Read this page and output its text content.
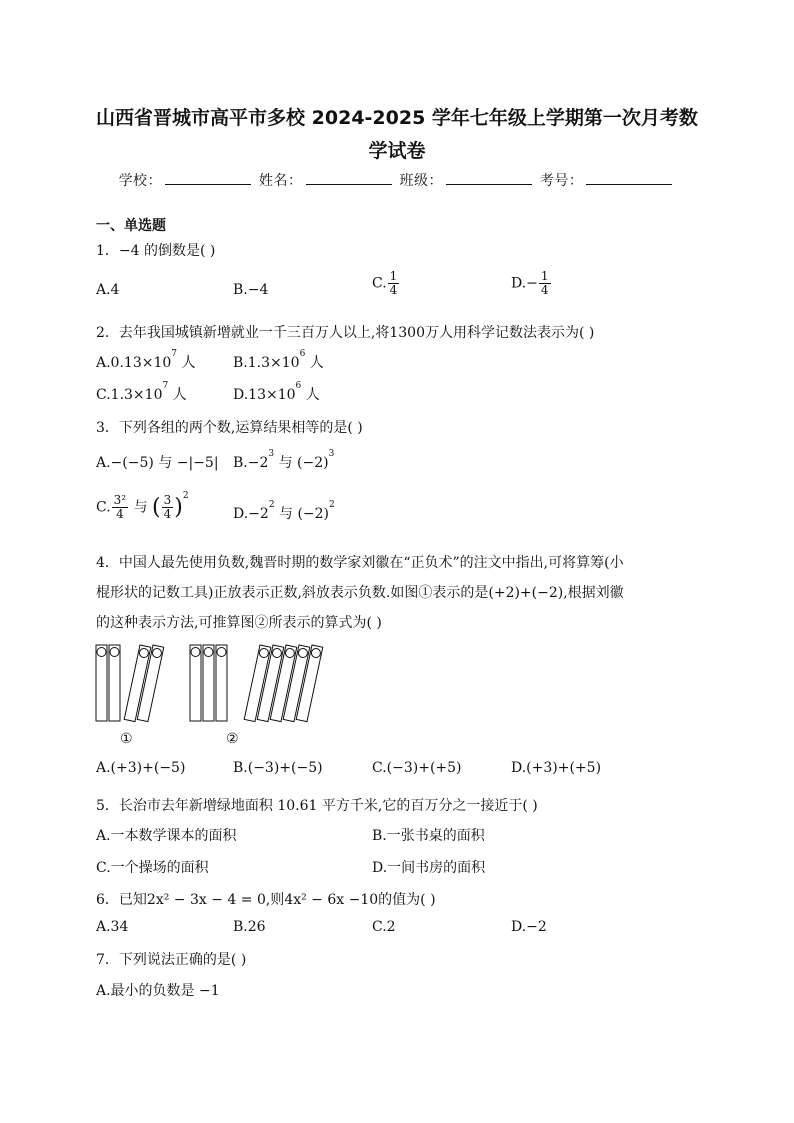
山西省晋城市高平市多校 2024-2025 学年七年级上学期第一次月考数
学试卷
学校：	姓名：	班级：	考号：
一、单选题
1．−4 的倒数是( )
A.4	B.−4	C. $\frac{1}{4}$	$D.- \frac{1}{4}$
2．去年我国城镇新增就业一千三百万人以上,将1300万人用科学记数法表示为( )
$A.0.13\times 10^7$ 人	$B.1.3\times 10^6$ 人
$C.1.3\times 10^7$ 人	$D.13\times 10^6$ 人
3．下列各组的两个数,运算结果相等的是( )
A.−(−5) 与 −|−5| $B.-2^3$ 与 $(-2)^3$
C. $\frac{\text{3²}}{4}$ 与 ( $\frac{3}{4} )^2$
$D.-2^2$ 与 $(-2)^2$
4．中国人最先使用负数,魏晋时期的数学家刘徽在“正负术”的注文中指出,可将算筹(小
棍形状的记数工具)正放表示正数,斜放表示负数.如图①表示的是(+2)+(−2),根据刘徽
的这种表示方法,可推算图②所表示的算式为( )
①	②
A.(+3)+(−5)	B.(−3)+(−5)	C.(−3)+(+5)	D.(+3)+(+5)
5．长治市去年新增绿地面积 10.61 平方千米,它的百万分之一接近于( )
A.一本数学课本的面积	B.一张书桌的面积
C.一个操场的面积	D.一间书房的面积
6．已知2x² − 3x − 4 = 0,则4x² − 6x −10的值为( )
A.34	B.26	C.2	D.−2
7．下列说法正确的是( )
A.最小的负数是 −1
